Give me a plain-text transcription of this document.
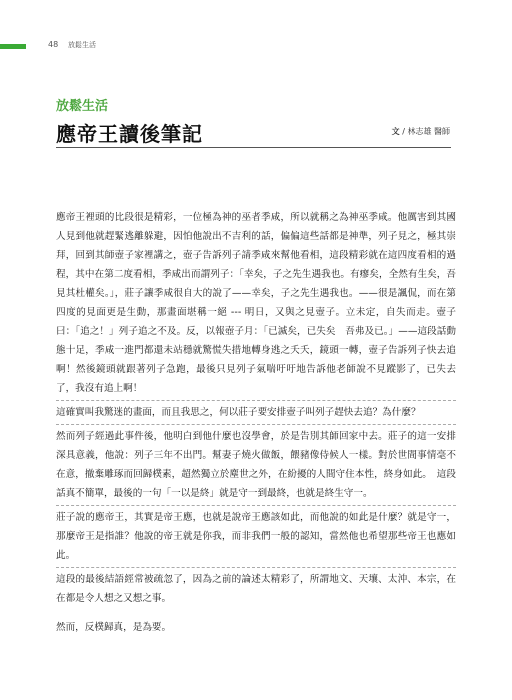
48 放鬆生活
放鬆生活
應帝王讀後筆記	文 / 林志雄 醫師

應帝王裡頭的比段很是精彩，一位極為神的巫者季咸，所以就稱之為神巫季咸。他厲害到其國人見到他就趕緊逃離躲避，因怕他說出不吉利的話，偏偏這些話都是神準，列子見之，極其崇拜，回到其師壺子家裡講之，壺子告訴列子請季咸來幫他看相，這段精彩就在這四度看相的過程，其中在第二度看相，季咸出而謂列子：「幸矣，子之先生遇我也。有瘳矣，全然有生矣，吾見其杜權矣。」，莊子讓季咸很自大的說了——幸矣，子之先生遇我也。——很是諷侃，而在第四度的見面更是生動，那畫面堪稱一絕 --- 明日，又與之見壺子。立未定，自失而走。壺子曰：「追之！」列子追之不及。反，以報壺子月：「已滅矣，已失矣　吾弗及已。」——這段話動態十足，季咸一進門都還未站穩就驚慌失措地轉身逃之夭夭，鏡頭一轉，壺子告訴列子快去追啊！然後鏡頭就跟著列子急跑，最後只見列子氣喘吁吁地告訴他老師說不見蹤影了，已失去了，我沒有追上啊！

這確實叫我驚迷的畫面，而且我思之，何以莊子要安排壺子叫列子趕快去追？為什麼？

然而列子經過此事件後，他明白到他什麼也沒學會，於是告別其師回家中去。莊子的這一安排深具意義，他說：列子三年不出門。幫妻子燒火做飯，餵豬像侍候人一樣。對於世間事情毫不在意，撤棄雕琢而回歸樸素，超然獨立於塵世之外，在紛擾的人間守住本性，終身如此。　這段話真不簡單，最後的一句「一以是終」就是守一到最終，也就是終生守一。

莊子說的應帝王，其實是帝王應，也就是說帝王應該如此，而他說的如此是什麼？就是守一，那麼帝王是指誰？他說的帝王就是你我，而非我們一般的認知，當然他也希望那些帝王也應如此。

這段的最後結語經常被疏忽了，因為之前的論述太精彩了，所謂地文、天壤、太沖、本宗，在在都是令人想之又想之事。

然而，反樸歸真，是為要。
